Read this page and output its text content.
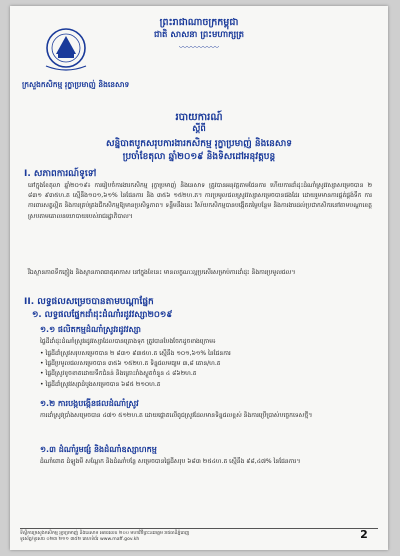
ព្រះរាជាណាចក្រកម្ពុជា
ជាតិ សាសនា ព្រះមហាក្សត្រ
〰〰〰〰〰
ក្រសួងកសិកម្ម រុក្ខាប្រមាញ់ និងនេសាទ
របាយការណ៍
ស្តីពី
សន្និបាតបូកសរុបការងារកសិកម្ម រុក្ខាប្រមាញ់ និងនេសាទ
ប្រចាំខែតុលា ឆ្នាំ២០១៩ និងទិសដៅអនុវត្តបន្ត
I. សភាពការណ៍ទូទៅ
នៅក្នុងខែតុលា ឆ្នាំ២០១៩៖ ការរៀបចំការងារកសិកម្ម រុក្ខាប្រមាញ់ និងនេសាទ ត្រូវបានអនុវត្តតាមផែនការ ហើយការដាំដុះដំណាំស្រូវវស្សាសម្រេចបាន ២ ៨៣១ ៩៣៥ហ.ត ស្មើនឹង១០១,៦១% នៃផែនការ និង ៣៥៦ ១៥២ហ.ត។ ការប្រមូលផលស្រូវវស្សាសម្រេចបានផងដែរ ដោយរួមមានការផ្គត់ផ្គង់ទឹក ការការពារសត្វល្អិត និងការគ្រប់គ្រងជីកសិកម្មឱ្យមានប្រសិទ្ធភាព។ ទន្ទឹមនឹងនេះ វិស័យកសិកម្មបានបង្កើតតម្លៃបន្ថែម និងការងារដល់ប្រជាកសិករនៅតាមបណ្តាខេត្ត ស្របតាមគោលនយោបាយរបស់រាជរដ្ឋាភិបាល។
រីឯស្ថានភាពទឹកភ្លៀង និងស្ថានភាពធាតុអាកាស នៅក្នុងខែនេះ មានលក្ខណៈល្អប្រសើរសម្រាប់ការដាំដុះ និងការប្រមូលផល។
II. លទ្ធផលសម្រេចបានតាមបណ្តាផ្នែក
១. លទ្ធផលផ្នែកដាំដុះដំណាំរដូវវស្សា២០១៩
១.១ ផលិតកម្មដំណាំស្រូវរដូវវស្សា
ផ្ទៃដីដាំដុះដំណាំស្រូវរដូវវស្សាដែលបានគ្រោងទុក ត្រូវបានបែងចែកដូចខាងក្រោម៖

• ផ្ទៃដីដាំស្រូវសរុបសម្រេចបាន ២ ៨៣១ ៩៣៥ហ.ត ស្មើនឹង ១០១,៦១% នៃផែនការ

• ផ្ទៃដីប្រមូលផលសម្រេចបាន ៣៥៦ ១៥២ហ.ត ទិន្នផលមធ្យម ៣,៨ តោន/ហ.ត

• ផ្ទៃដីស្រូវខូចខាតដោយទឹកជំនន់ និងគ្រោះរាំងស្ងួតចំនួន ៤ ៨៦២ហ.ត

• ផ្ទៃដីដាំស្រូវវស្សាដំបូងសម្រេចបាន ៦៨៥ ២១០ហ.ត

១.២ ការបង្កបង្កើនផលដំណាំស្រូវ
ការដាំស្រូវប្រាំងសម្រេចបាន ៤៧១ ៥១២ហ.ត ដោយផ្តោតលើពូជស្រូវដែលមានទិន្នផលខ្ពស់ និងការប្រើប្រាស់បច្ចេកទេសថ្មី។
១.៣ ដំណាំរួមផ្សំ និងដំណាំឧស្សាហកម្ម
ដំណាំពោត ដំឡូងមី សណ្តែក និងដំណាំបន្លែ សម្រេចបានផ្ទៃដីសរុប ៦៨៣ ២៥៤ហ.ត ស្មើនឹង ៩៨,៤៧% នៃផែនការ។
ទីស្តីការក្រសួងកសិកម្ម រុក្ខាប្រមាញ់ និងនេសាទ អគារលេខ ២០០ មហាវិថីព្រះនរោត្តម រាជធានីភ្នំពេញ
ទូរស័ព្ទ/ទូរសារ ០២៣ ២១១ ៣៥២ គេហទំព័រ www.maff.gov.kh	2
